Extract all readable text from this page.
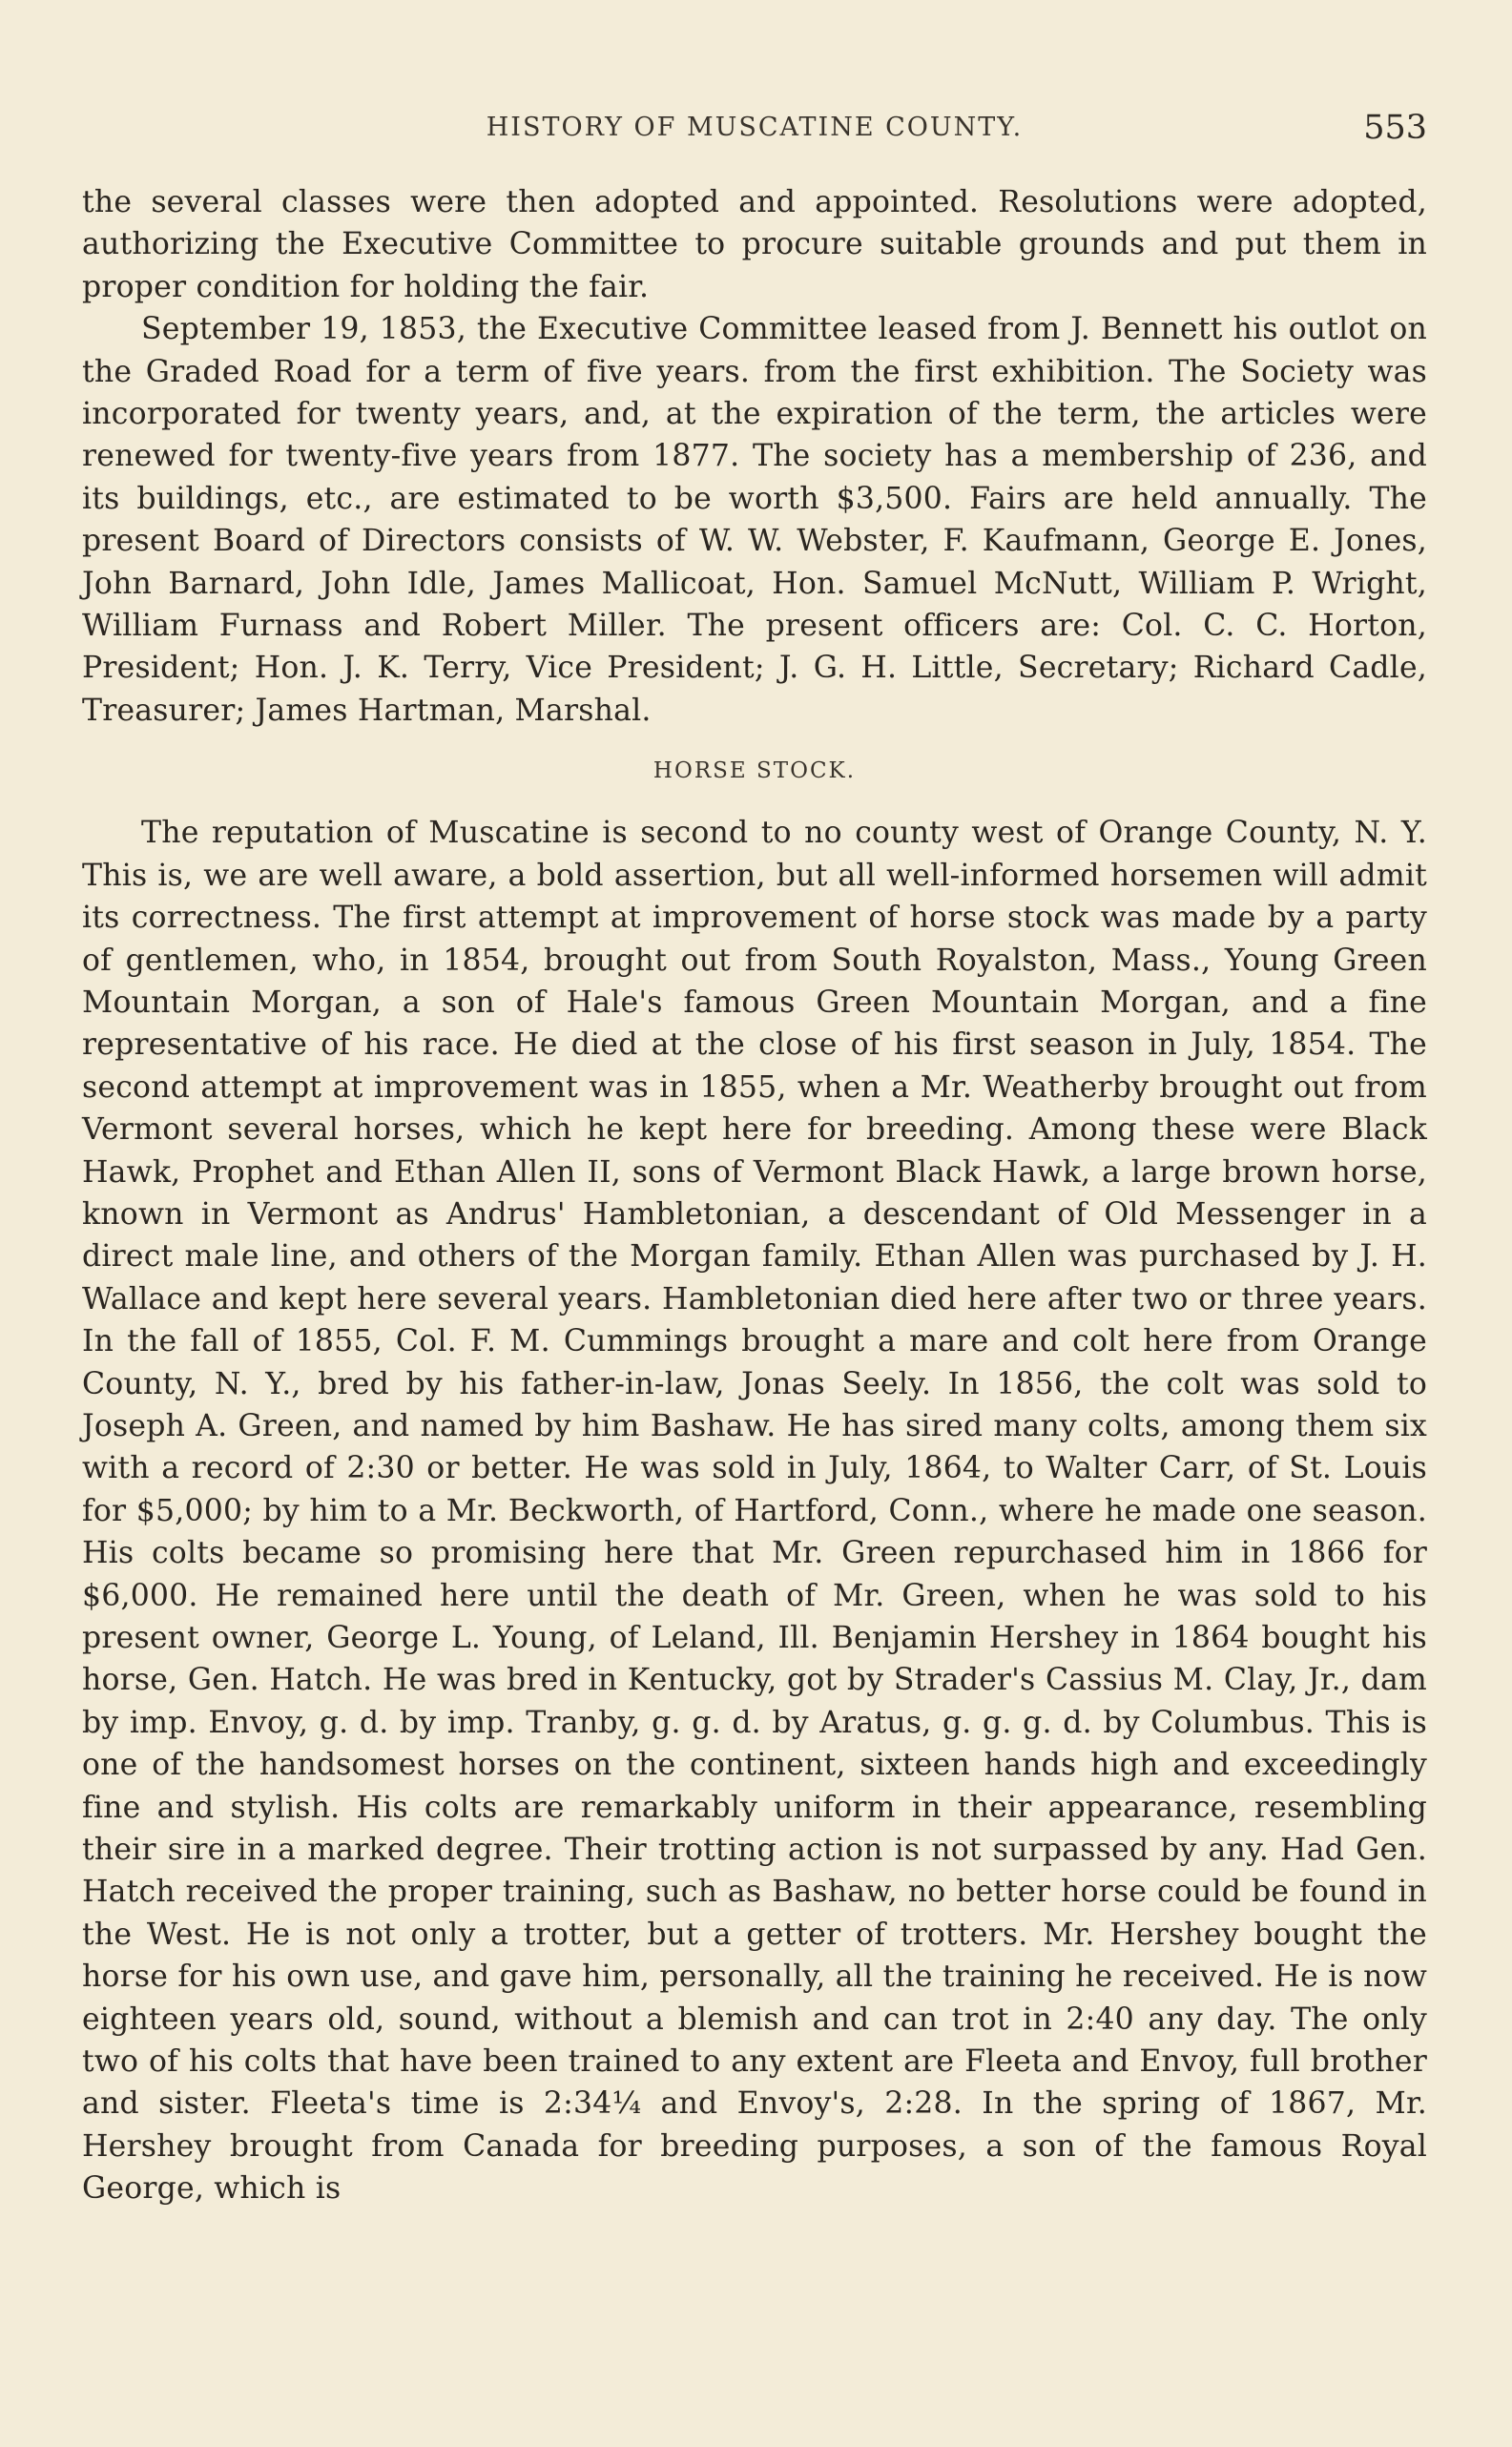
HISTORY OF MUSCATINE COUNTY.	553

the several classes were then adopted and appointed. Resolutions were adopted, authorizing the Executive Committee to procure suitable grounds and put them in proper condition for holding the fair.

September 19, 1853, the Executive Committee leased from J. Bennett his outlot on the Graded Road for a term of five years. from the first exhibition. The Society was incorporated for twenty years, and, at the expiration of the term, the articles were renewed for twenty-five years from 1877. The society has a membership of 236, and its buildings, etc., are estimated to be worth $3,500. Fairs are held annually. The present Board of Directors consists of W. W. Webster, F. Kaufmann, George E. Jones, John Barnard, John Idle, James Mallicoat, Hon. Samuel McNutt, William P. Wright, William Furnass and Robert Miller. The present officers are: Col. C. C. Horton, President; Hon. J. K. Terry, Vice President; J. G. H. Little, Secretary; Richard Cadle, Treasurer; James Hartman, Marshal.

HORSE STOCK.

The reputation of Muscatine is second to no county west of Orange County, N. Y. This is, we are well aware, a bold assertion, but all well-informed horsemen will admit its correctness. The first attempt at improvement of horse stock was made by a party of gentlemen, who, in 1854, brought out from South Royalston, Mass., Young Green Mountain Morgan, a son of Hale's famous Green Mountain Morgan, and a fine representative of his race. He died at the close of his first season in July, 1854. The second attempt at improvement was in 1855, when a Mr. Weatherby brought out from Vermont several horses, which he kept here for breeding. Among these were Black Hawk, Prophet and Ethan Allen II, sons of Vermont Black Hawk, a large brown horse, known in Vermont as Andrus' Hambletonian, a descendant of Old Messenger in a direct male line, and others of the Morgan family. Ethan Allen was purchased by J. H. Wallace and kept here several years. Hambletonian died here after two or three years. In the fall of 1855, Col. F. M. Cummings brought a mare and colt here from Orange County, N. Y., bred by his father-in-law, Jonas Seely. In 1856, the colt was sold to Joseph A. Green, and named by him Bashaw. He has sired many colts, among them six with a record of 2:30 or better. He was sold in July, 1864, to Walter Carr, of St. Louis for $5,000; by him to a Mr. Beckworth, of Hartford, Conn., where he made one season. His colts became so promising here that Mr. Green repurchased him in 1866 for $6,000. He remained here until the death of Mr. Green, when he was sold to his present owner, George L. Young, of Leland, Ill. Benjamin Hershey in 1864 bought his horse, Gen. Hatch. He was bred in Kentucky, got by Strader's Cassius M. Clay, Jr., dam by imp. Envoy, g. d. by imp. Tranby, g. g. d. by Aratus, g. g. g. d. by Columbus. This is one of the handsomest horses on the continent, sixteen hands high and exceedingly fine and stylish. His colts are remarkably uniform in their appearance, resembling their sire in a marked degree. Their trotting action is not surpassed by any. Had Gen. Hatch received the proper training, such as Bashaw, no better horse could be found in the West. He is not only a trotter, but a getter of trotters. Mr. Hershey bought the horse for his own use, and gave him, personally, all the training he received. He is now eighteen years old, sound, without a blemish and can trot in 2:40 any day. The only two of his colts that have been trained to any extent are Fleeta and Envoy, full brother and sister. Fleeta's time is 2:34¼ and Envoy's, 2:28. In the spring of 1867, Mr. Hershey brought from Canada for breeding purposes, a son of the famous Royal George, which is
